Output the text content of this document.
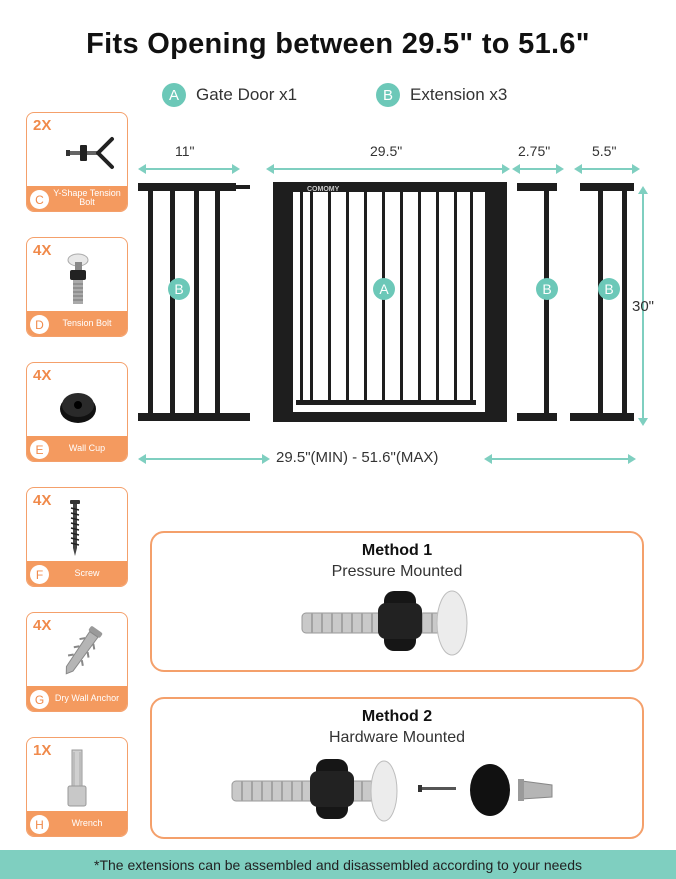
Fits Opening between 29.5" to 51.6"
A	Gate Door x1	B	Extension x3
2X
C	Y-Shape Tension Bolt
4X
D	Tension Bolt
4X
E	Wall Cup
4X
F	Screw
4X
G	Dry Wall Anchor
1X
H	Wrench
11"	29.5"	2.75"	5.5"
30"
29.5"(MIN) - 51.6"(MAX)
B	A	B	B
COMOMY
Method 1
Pressure Mounted
Method 2
Hardware Mounted
*The extensions can be assembled and disassembled according to your needs
